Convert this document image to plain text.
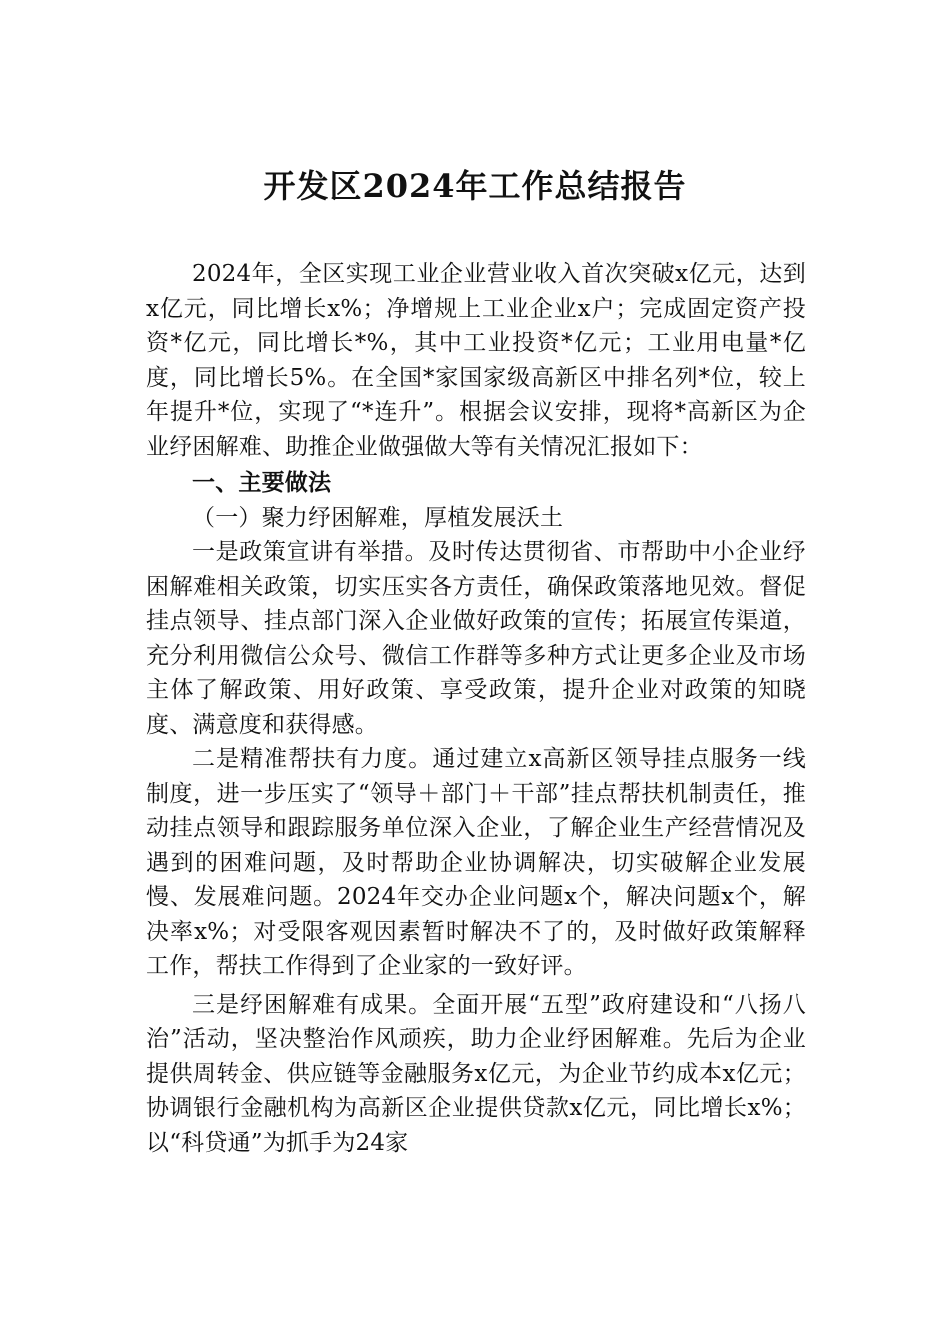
开发区2024年工作总结报告

2024年，全区实现工业企业营业收入首次突破x亿元，达到x亿元，同比增长x%；净增规上工业企业x户；完成固定资产投资*亿元，同比增长*%，其中工业投资*亿元；工业用电量*亿度，同比增长5%。在全国*家国家级高新区中排名列*位，较上年提升*位，实现了“*连升”。根据会议安排，现将*高新区为企业纾困解难、助推企业做强做大等有关情况汇报如下：

一、主要做法

（一）聚力纾困解难，厚植发展沃土

一是政策宣讲有举措。及时传达贯彻省、市帮助中小企业纾困解难相关政策，切实压实各方责任，确保政策落地见效。督促挂点领导、挂点部门深入企业做好政策的宣传；拓展宣传渠道，充分利用微信公众号、微信工作群等多种方式让更多企业及市场主体了解政策、用好政策、享受政策，提升企业对政策的知晓度、满意度和获得感。

二是精准帮扶有力度。通过建立x高新区领导挂点服务一线制度，进一步压实了“领导＋部门＋干部”挂点帮扶机制责任，推动挂点领导和跟踪服务单位深入企业，了解企业生产经营情况及遇到的困难问题，及时帮助企业协调解决，切实破解企业发展慢、发展难问题。2024年交办企业问题x个，解决问题x个，解决率x%；对受限客观因素暂时解决不了的，及时做好政策解释工作，帮扶工作得到了企业家的一致好评。

三是纾困解难有成果。全面开展“五型”政府建设和“八扬八治”活动，坚决整治作风顽疾，助力企业纾困解难。先后为企业提供周转金、供应链等金融服务x亿元，为企业节约成本x亿元；协调银行金融机构为高新区企业提供贷款x亿元，同比增长x%；以“科贷通”为抓手为24家
